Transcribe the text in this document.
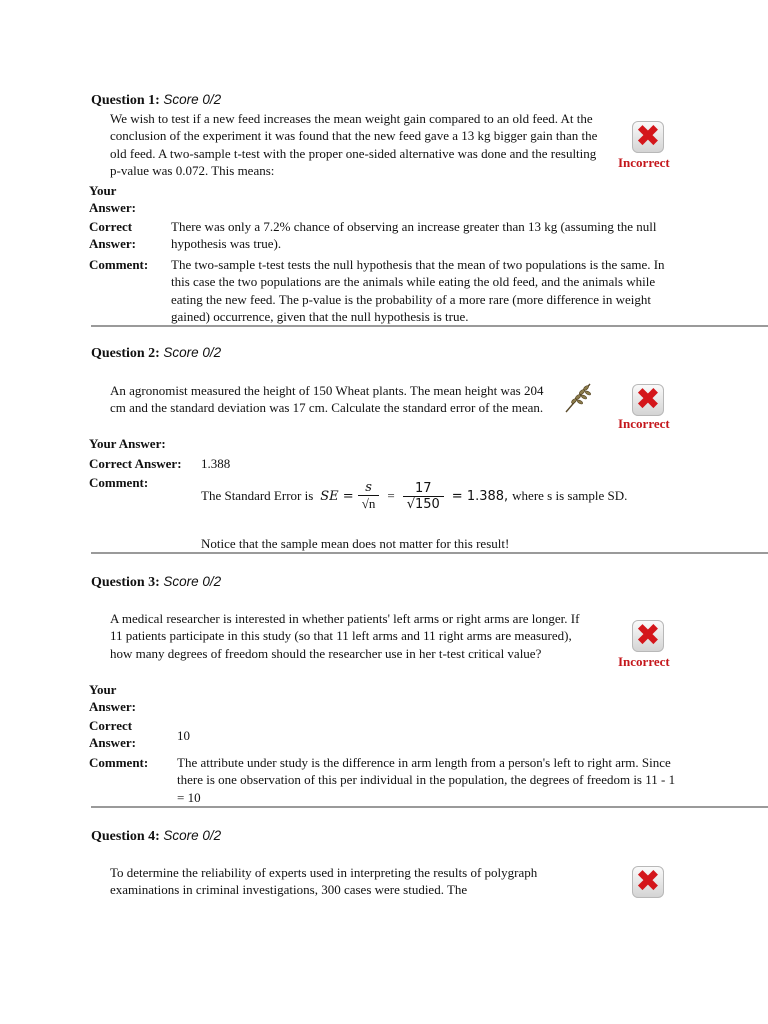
Question 1: Score 0/2
We wish to test if a new feed increases the mean weight gain compared to an old feed. At the conclusion of the experiment it was found that the new feed gave a 13 kg bigger gain than the old feed. A two-sample t-test with the proper one-sided alternative was done and the resulting p-value was 0.072. This means:
✖
Incorrect
Your Answer:
Correct Answer:
There was only a 7.2% chance of observing an increase greater than 13 kg (assuming the null hypothesis was true).
Comment: The two-sample t-test tests the null hypothesis that the mean of two populations is the same. In this case the two populations are the animals while eating the old feed, and the animals while eating the new feed. The p-value is the probability of a more rare (more difference in weight gained) occurrence, given that the null hypothesis is true.
Question 2: Score 0/2
An agronomist measured the height of 150 Wheat plants. The mean height was 204 cm and the standard deviation was 17 cm. Calculate the standard error of the mean.	✖
Incorrect
Your Answer:
Correct Answer: 1.388
Comment:
The Standard Error is SE = $\frac{s}{√n} = \frac{17}{√150} = 1.388$, where s is sample SD.
Notice that the sample mean does not matter for this result!
Question 3: Score 0/2
A medical researcher is interested in whether patients' left arms or right arms are longer. If 11 patients participate in this study (so that 11 left arms and 11 right arms are measured), how many degrees of freedom should the researcher use in her t-test critical value?
✖
Incorrect
Your Answer:
Correct Answer:	10
Comment: The attribute under study is the difference in arm length from a person's left to right arm. Since there is one observation of this per individual in the population, the degrees of freedom is 11 - 1 = 10
Question 4: Score 0/2
To determine the reliability of experts used in interpreting the results of polygraph examinations in criminal investigations, 300 cases were studied. The	✖
